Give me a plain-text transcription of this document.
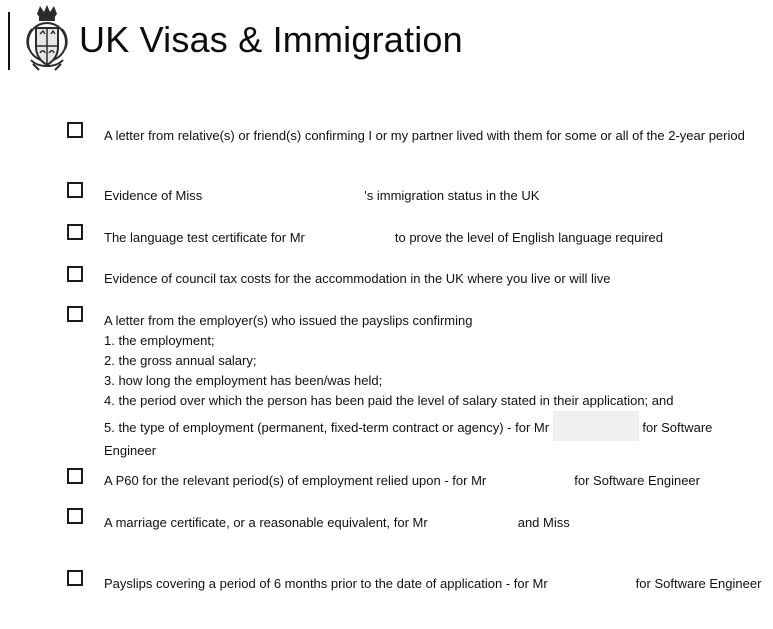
UK Visas & Immigration
A letter from relative(s) or friend(s) confirming I or my partner lived with them for some or all of the 2-year period
Evidence of Miss	's immigration status in the UK
The language test certificate for Mr	to prove the level of English language required
Evidence of council tax costs for the accommodation in the UK where you live or will live
A letter from the employer(s) who issued the payslips confirming
1. the employment;
2. the gross annual salary;
3. how long the employment has been/was held;
4. the period over which the person has been paid the level of salary stated in their application; and
5. the type of employment (permanent, fixed-term contract or agency) - for Mr	for Software Engineer
A P60 for the relevant period(s) of employment relied upon - for Mr	for Software Engineer
A marriage certificate, or a reasonable equivalent, for Mr	and Miss
Payslips covering a period of 6 months prior to the date of application - for Mr	for Software Engineer
